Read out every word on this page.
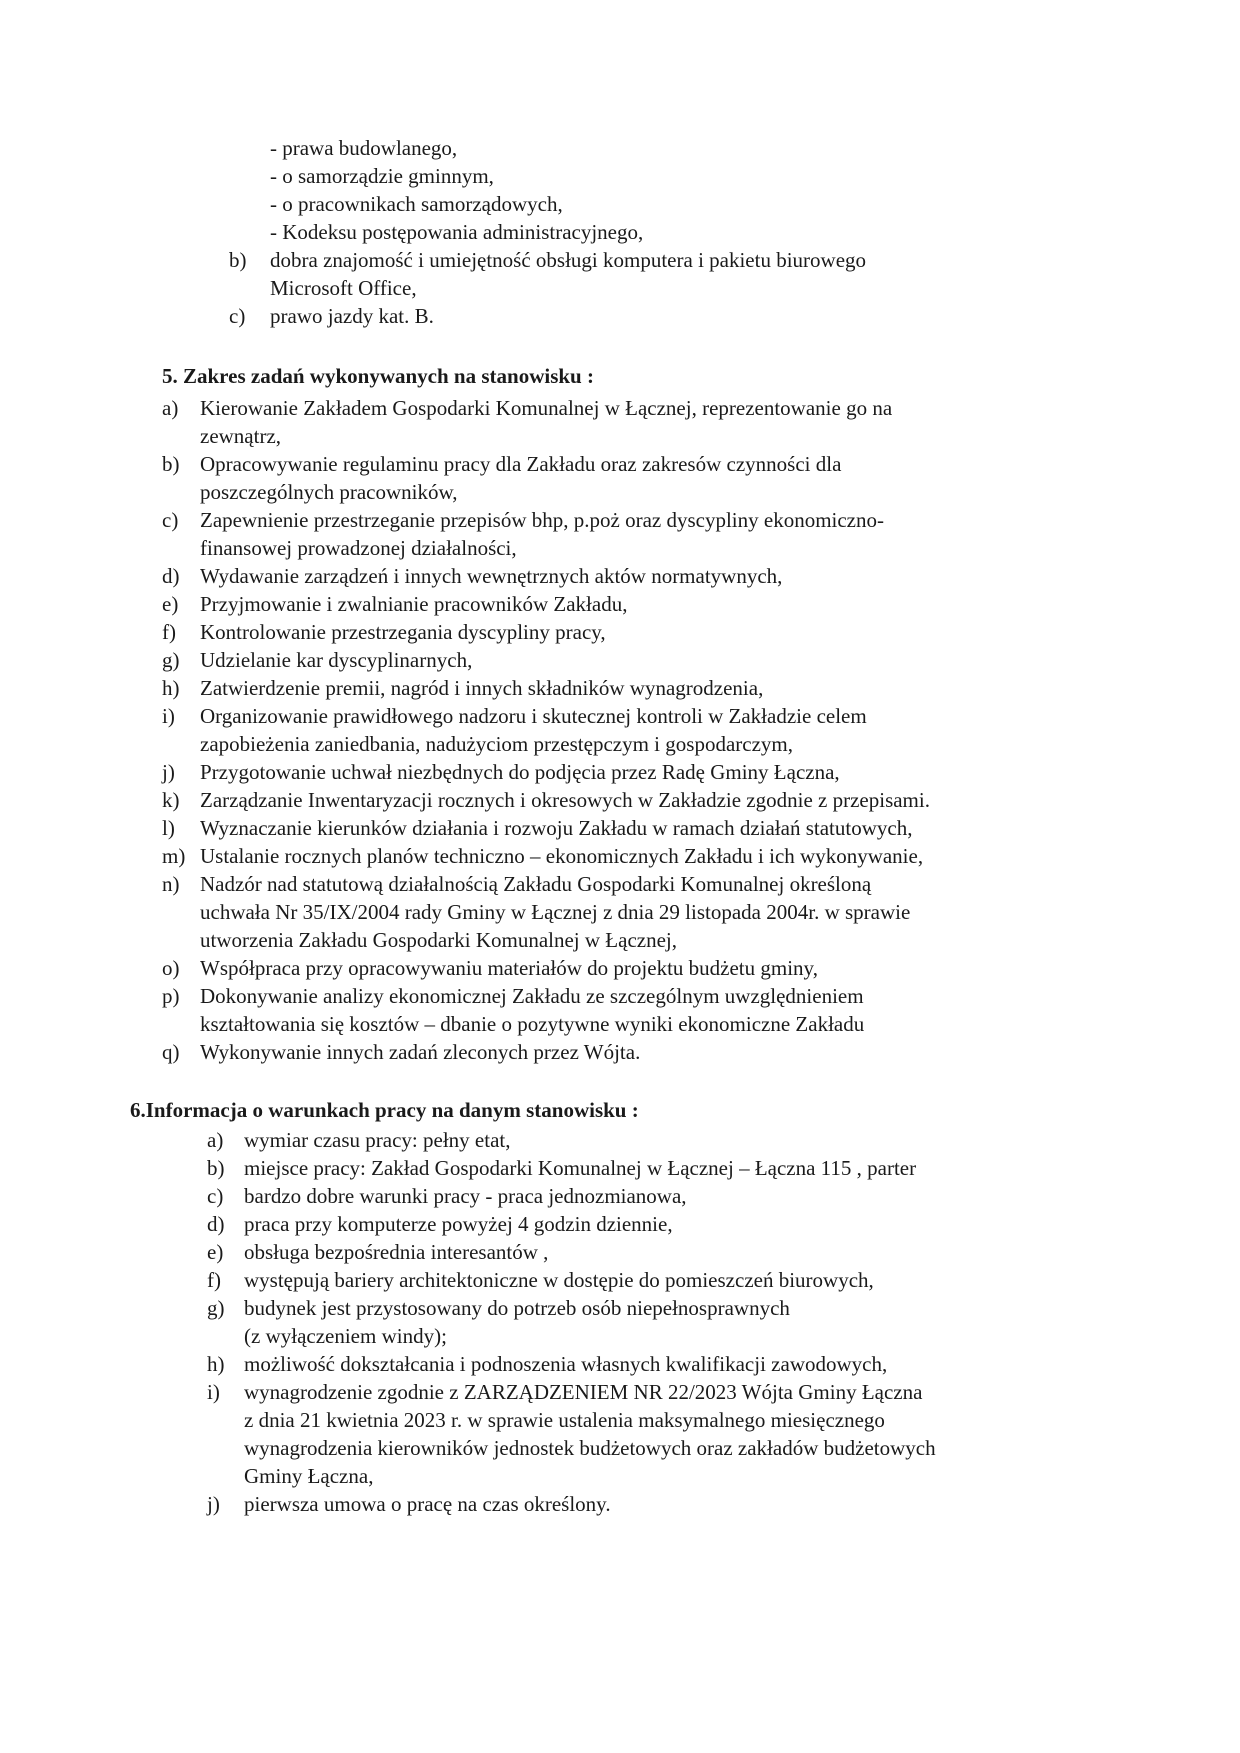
- prawa budowlanego,
- o samorządzie gminnym,
- o pracownikach samorządowych,
- Kodeksu postępowania administracyjnego,
b) dobra znajomość i umiejętność obsługi komputera i pakietu biurowego
Microsoft Office,
c) prawo jazdy kat. B.
5. Zakres zadań wykonywanych na stanowisku :
a) Kierowanie Zakładem Gospodarki Komunalnej w Łącznej, reprezentowanie go na
zewnątrz,
b) Opracowywanie regulaminu pracy dla Zakładu oraz zakresów czynności dla
poszczególnych pracowników,
c) Zapewnienie przestrzeganie przepisów bhp, p.poż oraz dyscypliny ekonomiczno-
finansowej prowadzonej działalności,
d) Wydawanie zarządzeń i innych wewnętrznych aktów normatywnych,
e) Przyjmowanie i zwalnianie pracowników Zakładu,
f) Kontrolowanie przestrzegania dyscypliny pracy,
g) Udzielanie kar dyscyplinarnych,
h) Zatwierdzenie premii, nagród i innych składników wynagrodzenia,
i) Organizowanie prawidłowego nadzoru i skutecznej kontroli w Zakładzie celem
zapobieżenia zaniedbania, nadużyciom przestępczym i gospodarczym,
j) Przygotowanie uchwał niezbędnych do podjęcia przez Radę Gminy Łączna,
k) Zarządzanie Inwentaryzacji rocznych i okresowych w Zakładzie zgodnie z przepisami.
l) Wyznaczanie kierunków działania i rozwoju Zakładu w ramach działań statutowych,
m) Ustalanie rocznych planów techniczno – ekonomicznych Zakładu i ich wykonywanie,
n) Nadzór nad statutową działalnością Zakładu Gospodarki Komunalnej określoną
uchwała Nr 35/IX/2004 rady Gminy w Łącznej z dnia 29 listopada 2004r. w sprawie
utworzenia Zakładu Gospodarki Komunalnej w Łącznej,
o) Współpraca przy opracowywaniu materiałów do projektu budżetu gminy,
p) Dokonywanie analizy ekonomicznej Zakładu ze szczególnym uwzględnieniem
kształtowania się kosztów – dbanie o pozytywne wyniki ekonomiczne Zakładu
q) Wykonywanie innych zadań zleconych przez Wójta.
6.Informacja o warunkach pracy na danym stanowisku :
a) wymiar czasu pracy: pełny etat,
b) miejsce pracy: Zakład Gospodarki Komunalnej w Łącznej – Łączna 115 , parter
c) bardzo dobre warunki pracy - praca jednozmianowa,
d) praca przy komputerze powyżej 4 godzin dziennie,
e) obsługa bezpośrednia interesantów ,
f) występują bariery architektoniczne w dostępie do pomieszczeń biurowych,
g) budynek jest przystosowany do potrzeb osób niepełnosprawnych
(z wyłączeniem windy);
h) możliwość dokształcania i podnoszenia własnych kwalifikacji zawodowych,
i) wynagrodzenie zgodnie z ZARZĄDZENIEM NR 22/2023 Wójta Gminy Łączna
z dnia 21 kwietnia 2023 r. w sprawie ustalenia maksymalnego miesięcznego
wynagrodzenia kierowników jednostek budżetowych oraz zakładów budżetowych
Gminy Łączna,
j) pierwsza umowa o pracę na czas określony.
